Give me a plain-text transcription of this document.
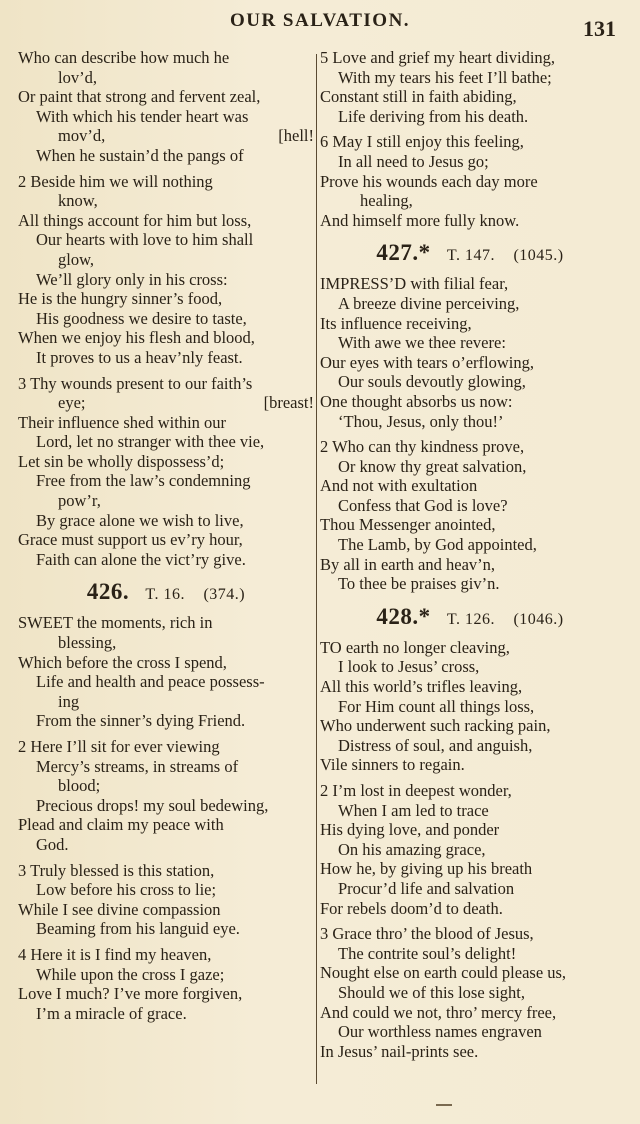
OUR SALVATION.	131
Who can describe how much he
lov’d,
Or paint that strong and fervent zeal,
With which his tender heart was
mov’d,	[hell!
When he sustain’d the pangs of
2 Beside him we will nothing
know,
All things account for him but loss,
Our hearts with love to him shall
glow,
We’ll glory only in his cross:
He is the hungry sinner’s food,
His goodness we desire to taste,
When we enjoy his flesh and blood,
It proves to us a heav’nly feast.
3 Thy wounds present to our faith’s
eye;	[breast!
Their influence shed within our
Lord, let no stranger with thee vie,
Let sin be wholly dispossess’d;
Free from the law’s condemning
pow’r,
By grace alone we wish to live,
Grace must support us ev’ry hour,
Faith can alone the vict’ry give.
426. T. 16. (374.)
SWEET the moments, rich in
blessing,
Which before the cross I spend,
Life and health and peace possess-
ing
From the sinner’s dying Friend.
2 Here I’ll sit for ever viewing
Mercy’s streams, in streams of
blood;
Precious drops! my soul bedewing,
Plead and claim my peace with
God.
3 Truly blessed is this station,
Low before his cross to lie;
While I see divine compassion
Beaming from his languid eye.
4 Here it is I find my heaven,
While upon the cross I gaze;
Love I much? I’ve more forgiven,
I’m a miracle of grace.
5 Love and grief my heart dividing,
With my tears his feet I’ll bathe;
Constant still in faith abiding,
Life deriving from his death.
6 May I still enjoy this feeling,
In all need to Jesus go;
Prove his wounds each day more
healing,
And himself more fully know.
427.* T. 147. (1045.)
IMPRESS’D with filial fear,
A breeze divine perceiving,
Its influence receiving,
With awe we thee revere:
Our eyes with tears o’erflowing,
Our souls devoutly glowing,
One thought absorbs us now:
‘Thou, Jesus, only thou!’
2 Who can thy kindness prove,
Or know thy great salvation,
And not with exultation
Confess that God is love?
Thou Messenger anointed,
The Lamb, by God appointed,
By all in earth and heav’n,
To thee be praises giv’n.
428.* T. 126. (1046.)
TO earth no longer cleaving,
I look to Jesus’ cross,
All this world’s trifles leaving,
For Him count all things loss,
Who underwent such racking pain,
Distress of soul, and anguish,
Vile sinners to regain.
2 I’m lost in deepest wonder,
When I am led to trace
His dying love, and ponder
On his amazing grace,
How he, by giving up his breath
Procur’d life and salvation
For rebels doom’d to death.
3 Grace thro’ the blood of Jesus,
The contrite soul’s delight!
Nought else on earth could please us,
Should we of this lose sight,
And could we not, thro’ mercy free,
Our worthless names engraven
In Jesus’ nail-prints see.
